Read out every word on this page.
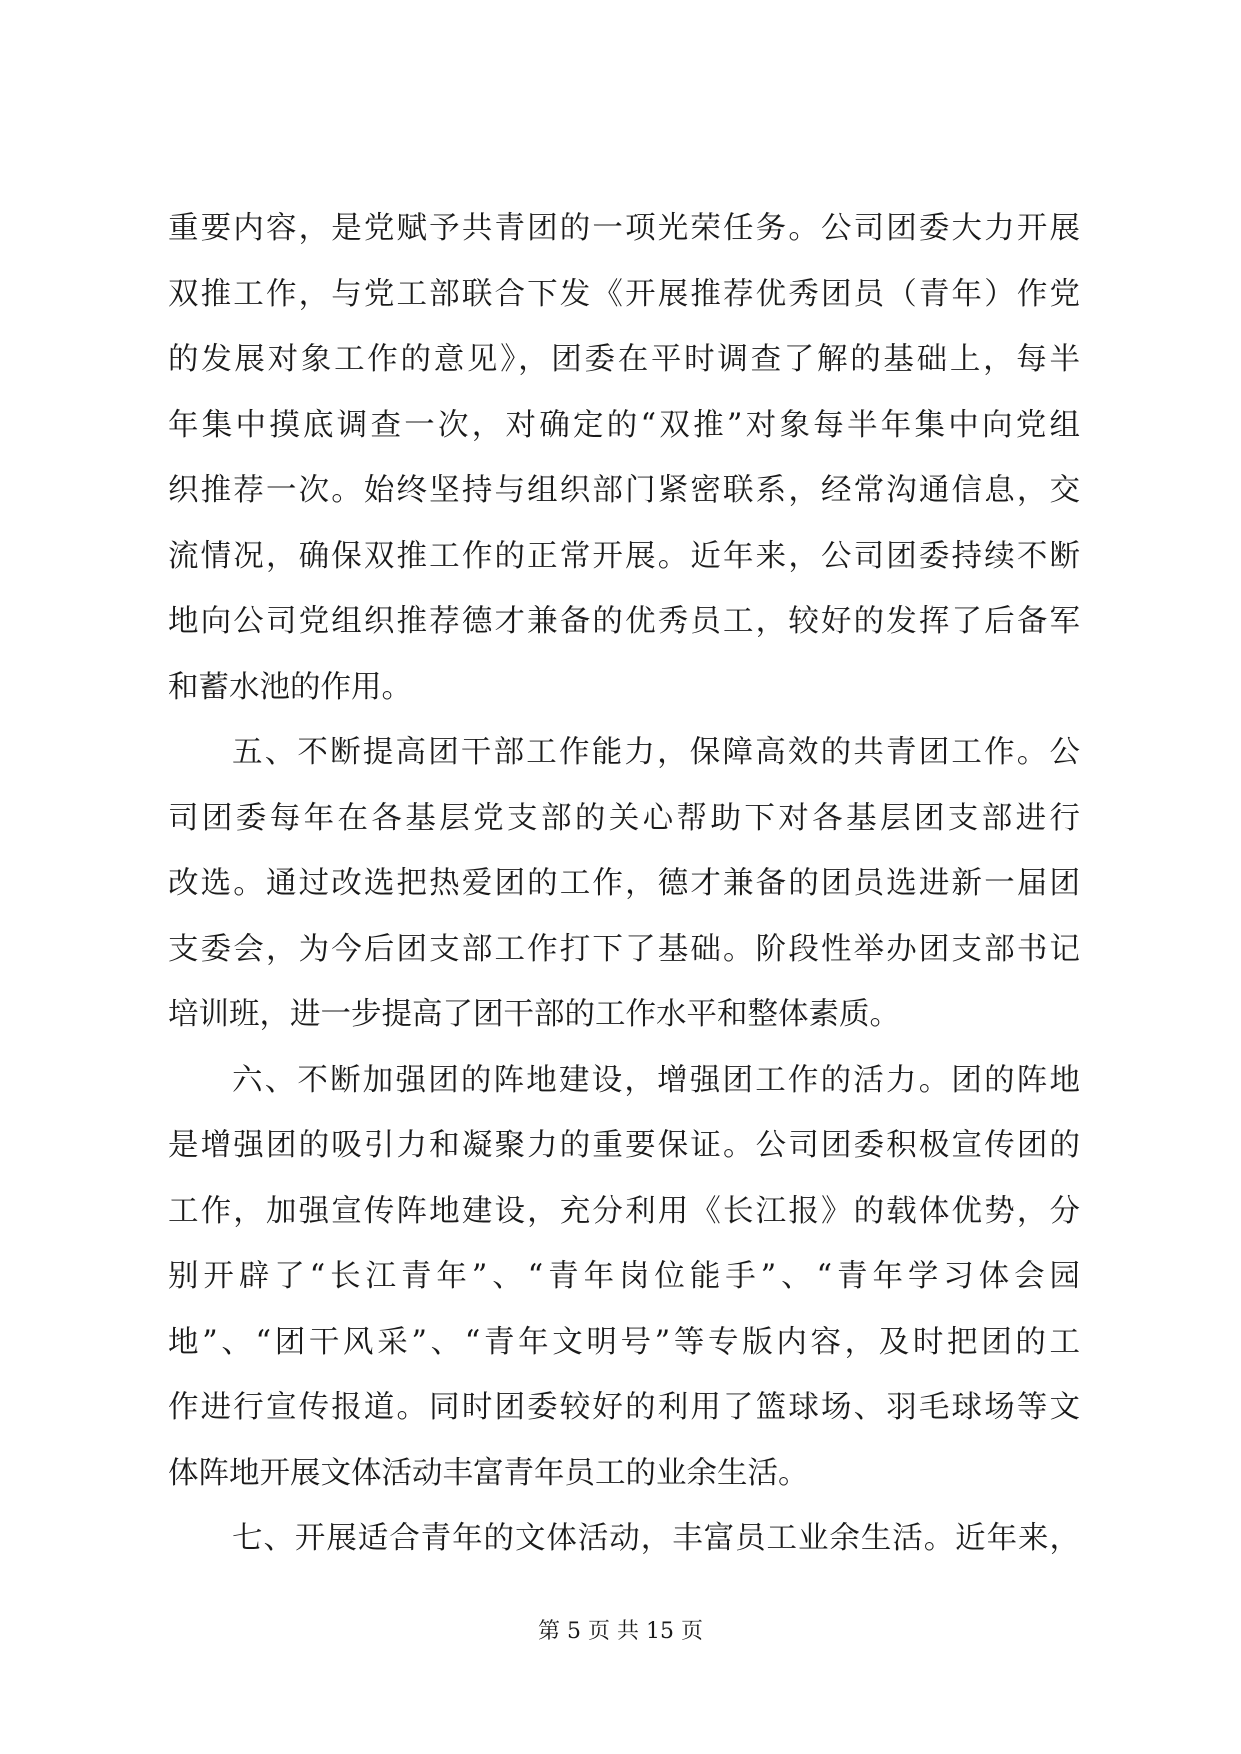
重要内容，是党赋予共青团的一项光荣任务。公司团委大力开展
双推工作，与党工部联合下发《开展推荐优秀团员（青年）作党
的发展对象工作的意见》，团委在平时调查了解的基础上，每半
年集中摸底调查一次，对确定的“双推”对象每半年集中向党组
织推荐一次。始终坚持与组织部门紧密联系，经常沟通信息，交
流情况，确保双推工作的正常开展。近年来，公司团委持续不断
地向公司党组织推荐德才兼备的优秀员工，较好的发挥了后备军
和蓄水池的作用。
五、不断提高团干部工作能力，保障高效的共青团工作。公
司团委每年在各基层党支部的关心帮助下对各基层团支部进行
改选。通过改选把热爱团的工作，德才兼备的团员选进新一届团
支委会，为今后团支部工作打下了基础。阶段性举办团支部书记
培训班，进一步提高了团干部的工作水平和整体素质。
六、不断加强团的阵地建设，增强团工作的活力。团的阵地
是增强团的吸引力和凝聚力的重要保证。公司团委积极宣传团的
工作，加强宣传阵地建设，充分利用《长江报》的载体优势，分
别开辟了“长江青年”、“青年岗位能手”、“青年学习体会园
地”、“团干风采”、“青年文明号”等专版内容，及时把团的工
作进行宣传报道。同时团委较好的利用了篮球场、羽毛球场等文
体阵地开展文体活动丰富青年员工的业余生活。
七、开展适合青年的文体活动，丰富员工业余生活。近年来，
第 5 页 共 15 页
